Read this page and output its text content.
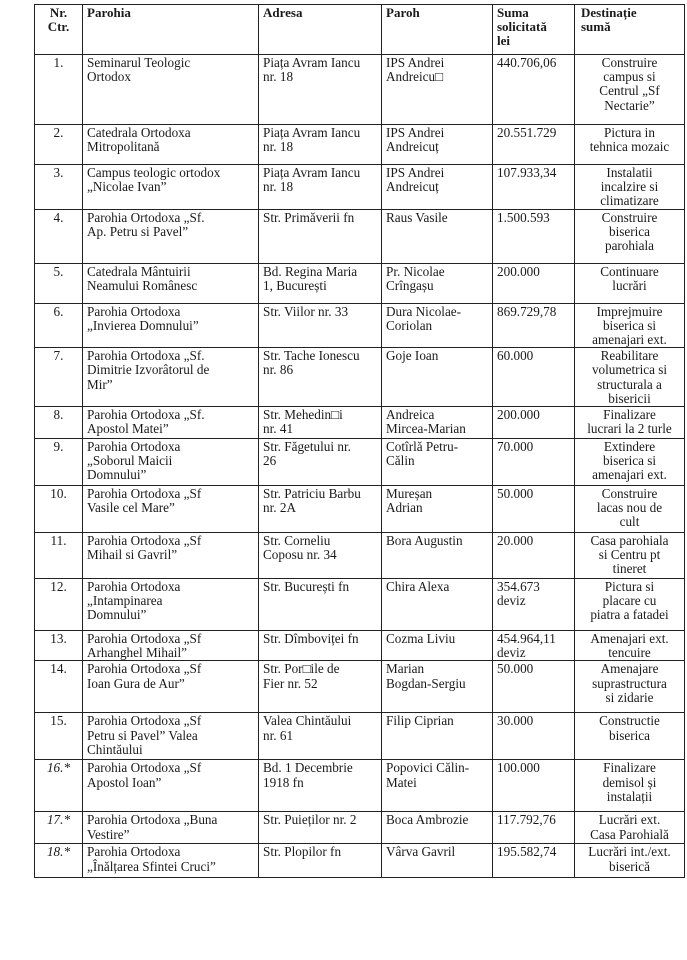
Nr.
Ctr.	Parohia	Adresa	Paroh	Suma
solicitată
lei	Destinație
sumă

1.	Seminarul Teologic
Ortodox	Piața Avram Iancu
nr. 18	IPS Andrei
Andreicu□	440.706,06	Construire
campus si
Centrul „Sf
Nectarie”

2.	Catedrala Ortodoxa
Mitropolitană	Piața Avram Iancu
nr. 18	IPS Andrei
Andreicuț	20.551.729	Pictura in
tehnica mozaic

3.	Campus teologic ortodox
„Nicolae Ivan”	Piața Avram Iancu
nr. 18	IPS Andrei
Andreicuț	107.933,34	Instalatii
incalzire si
climatizare

4.	Parohia Ortodoxa „Sf.
Ap. Petru si Pavel”	Str. Primăverii fn	Raus Vasile	1.500.593	Construire
biserica
parohiala

5.	Catedrala Mântuirii
Neamului Românesc	Bd. Regina Maria
1, București	Pr. Nicolae
Crîngașu	200.000	Continuare
lucrări

6.	Parohia Ortodoxa
„Invierea Domnului”	Str. Viilor nr. 33	Dura Nicolae-
Coriolan	869.729,78	Imprejmuire
biserica si
amenajari ext.

7.	Parohia Ortodoxa „Sf.
Dimitrie Izvorâtorul de
Mir”	Str. Tache Ionescu
nr. 86	Goje Ioan	60.000	Reabilitare
volumetrica si
structurala a
bisericii

8.	Parohia Ortodoxa „Sf.
Apostol Matei”	Str. Mehedin□i
nr. 41	Andreica
Mircea-Marian	200.000	Finalizare
lucrari la 2 turle

9.	Parohia Ortodoxa
„Soborul Maicii
Domnului”	Str. Făgetului nr.
26	Cotîrlă Petru-
Călin	70.000	Extindere
biserica si
amenajari ext.

10.	Parohia Ortodoxa „Sf
Vasile cel Mare”	Str. Patriciu Barbu
nr. 2A	Mureșan
Adrian	50.000	Construire
lacas nou de
cult

11.	Parohia Ortodoxa „Sf
Mihail si Gavril”	Str. Corneliu
Coposu nr. 34	Bora Augustin	20.000	Casa parohiala
si Centru pt
tineret

12.	Parohia Ortodoxa
„Intampinarea
Domnului”	Str. București fn	Chira Alexa	354.673
deviz	Pictura si
placare cu
piatra a fatadei

13.	Parohia Ortodoxa „Sf
Arhanghel Mihail”	Str. Dîmboviței fn	Cozma Liviu	454.964,11
deviz	Amenajari ext.
tencuire

14.	Parohia Ortodoxa „Sf
Ioan Gura de Aur”	Str. Por□ile de
Fier nr. 52	Marian
Bogdan-Sergiu	50.000	Amenajare
suprastructura
si zidarie

15.	Parohia Ortodoxa „Sf
Petru si Pavel” Valea
Chintăului	Valea Chintăului
nr. 61	Filip Ciprian	30.000	Constructie
biserica

16.*	Parohia Ortodoxa „Sf
Apostol Ioan”	Bd. 1 Decembrie
1918 fn	Popovici Călin-
Matei	100.000	Finalizare
demisol și
instalații

17.*	Parohia Ortodoxa „Buna
Vestire”	Str. Puieților nr. 2	Boca Ambrozie	117.792,76	Lucrări ext.
Casa Parohială

18.*	Parohia Ortodoxa
„Înălțarea Sfintei Cruci”	Str. Plopilor fn	Vârva Gavril	195.582,74	Lucrări int./ext.
biserică
